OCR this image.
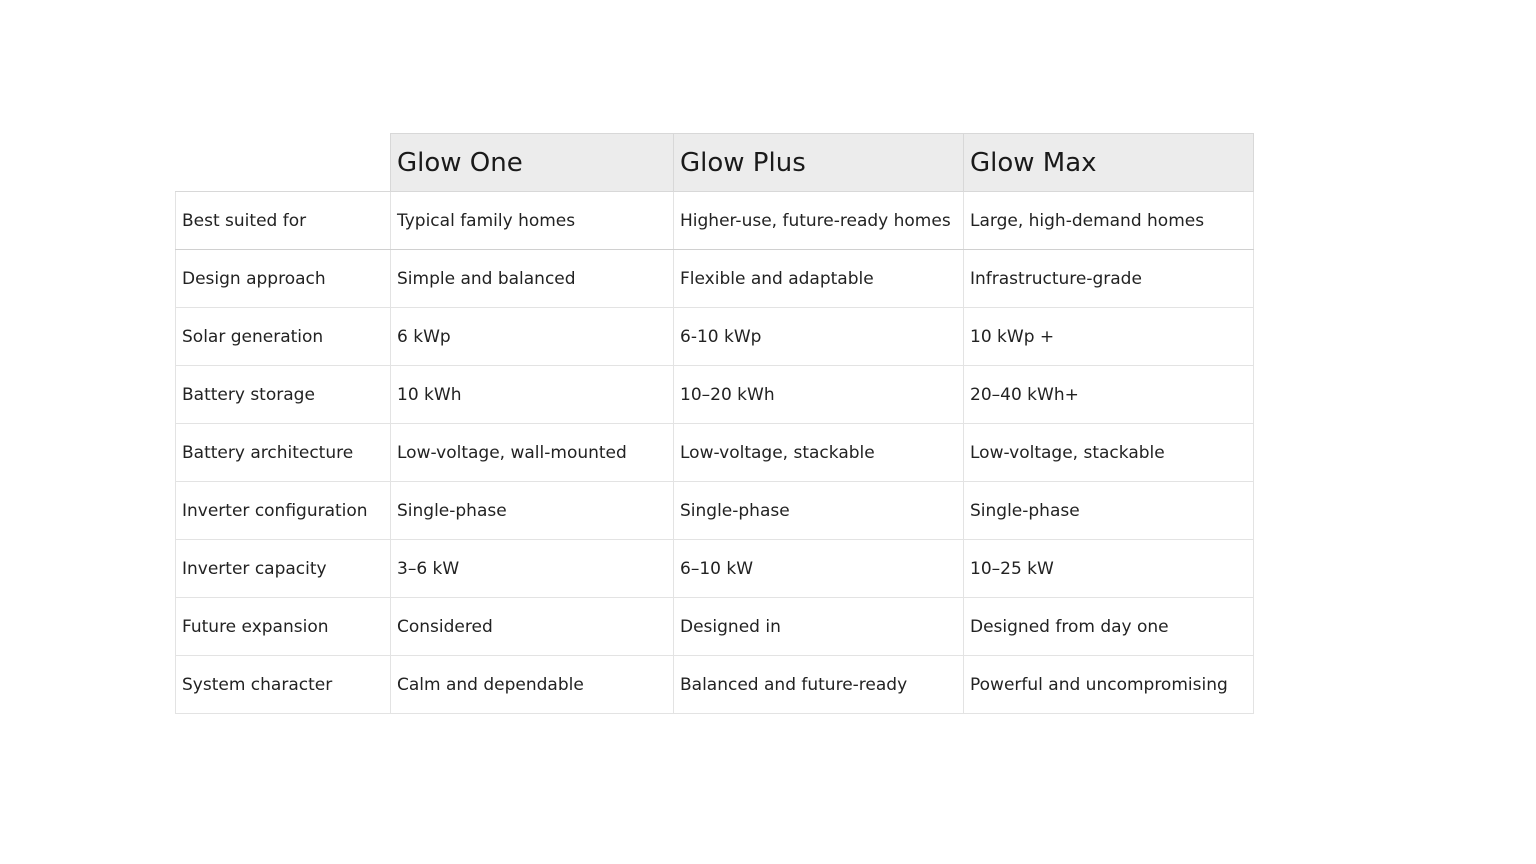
	Glow One	Glow Plus	Glow Max
Best suited for	Typical family homes	Higher-use, future-ready homes	Large, high-demand homes
Design approach	Simple and balanced	Flexible and adaptable	Infrastructure-grade
Solar generation	6 kWp	6-10 kWp	10 kWp +
Battery storage	10 kWh	10–20 kWh	20–40 kWh+
Battery architecture	Low-voltage, wall-mounted	Low-voltage, stackable	Low-voltage, stackable
Inverter configuration	Single-phase	Single-phase	Single-phase
Inverter capacity	3–6 kW	6–10 kW	10–25 kW
Future expansion	Considered	Designed in	Designed from day one
System character	Calm and dependable	Balanced and future-ready	Powerful and uncompromising
